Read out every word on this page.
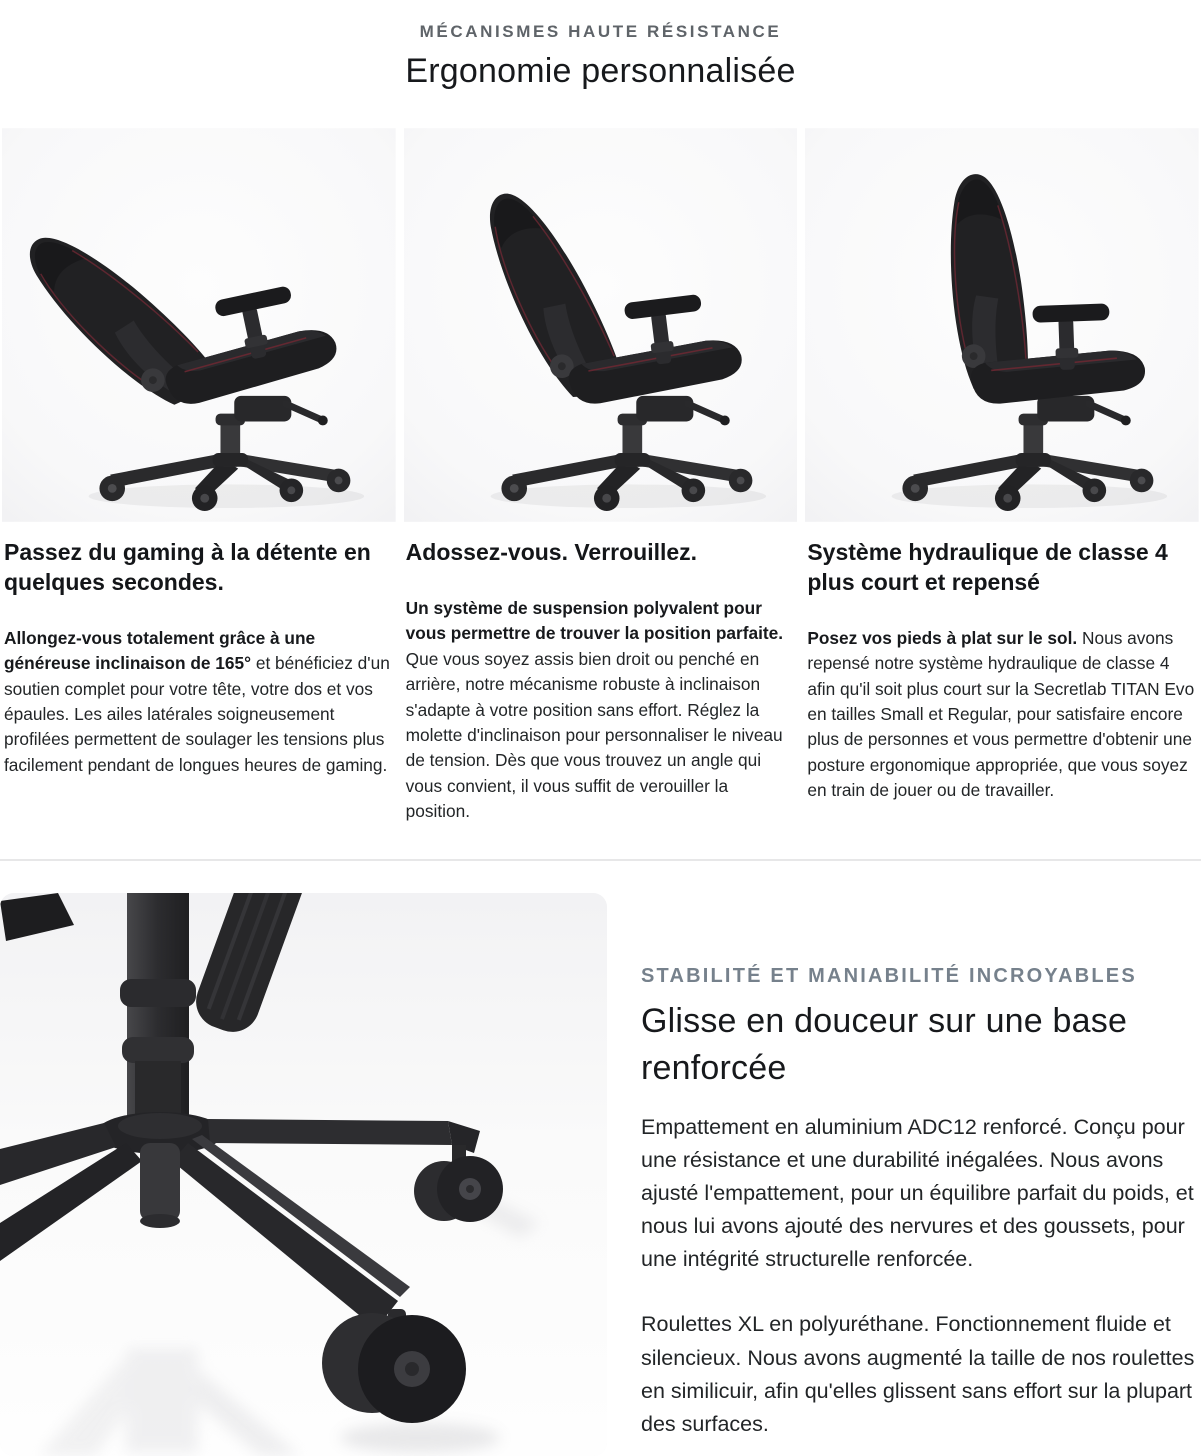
MÉCANISMES HAUTE RÉSISTANCE
Ergonomie personnalisée
Passez du gaming à la détente en quelques secondes.

Allongez-vous totalement grâce à une généreuse inclinaison de 165° et bénéficiez d'un soutien complet pour votre tête, votre dos et vos épaules. Les ailes latérales soigneusement profilées permettent de soulager les tensions plus facilement pendant de longues heures de gaming.

Adossez-vous. Verrouillez.

Un système de suspension polyvalent pour vous permettre de trouver la position parfaite. Que vous soyez assis bien droit ou penché en arrière, notre mécanisme robuste à inclinaison s'adapte à votre position sans effort. Réglez la molette d'inclinaison pour personnaliser le niveau de tension. Dès que vous trouvez un angle qui vous convient, il vous suffit de verouiller la position.

Système hydraulique de classe 4 plus court et repensé

Posez vos pieds à plat sur le sol. Nous avons repensé notre système hydraulique de classe 4 afin qu'il soit plus court sur la Secretlab TITAN Evo en tailles Small et Regular, pour satisfaire encore plus de personnes et vous permettre d'obtenir une posture ergonomique appropriée, que vous soyez en train de jouer ou de travailler.

STABILITÉ ET MANIABILITÉ INCROYABLES
Glisse en douceur sur une base renforcée

Empattement en aluminium ADC12 renforcé. Conçu pour une résistance et une durabilité inégalées. Nous avons ajusté l'empattement, pour un équilibre parfait du poids, et nous lui avons ajouté des nervures et des goussets, pour une intégrité structurelle renforcée.

Roulettes XL en polyuréthane. Fonctionnement fluide et silencieux. Nous avons augmenté la taille de nos roulettes en similicuir, afin qu'elles glissent sans effort sur la plupart des surfaces.
